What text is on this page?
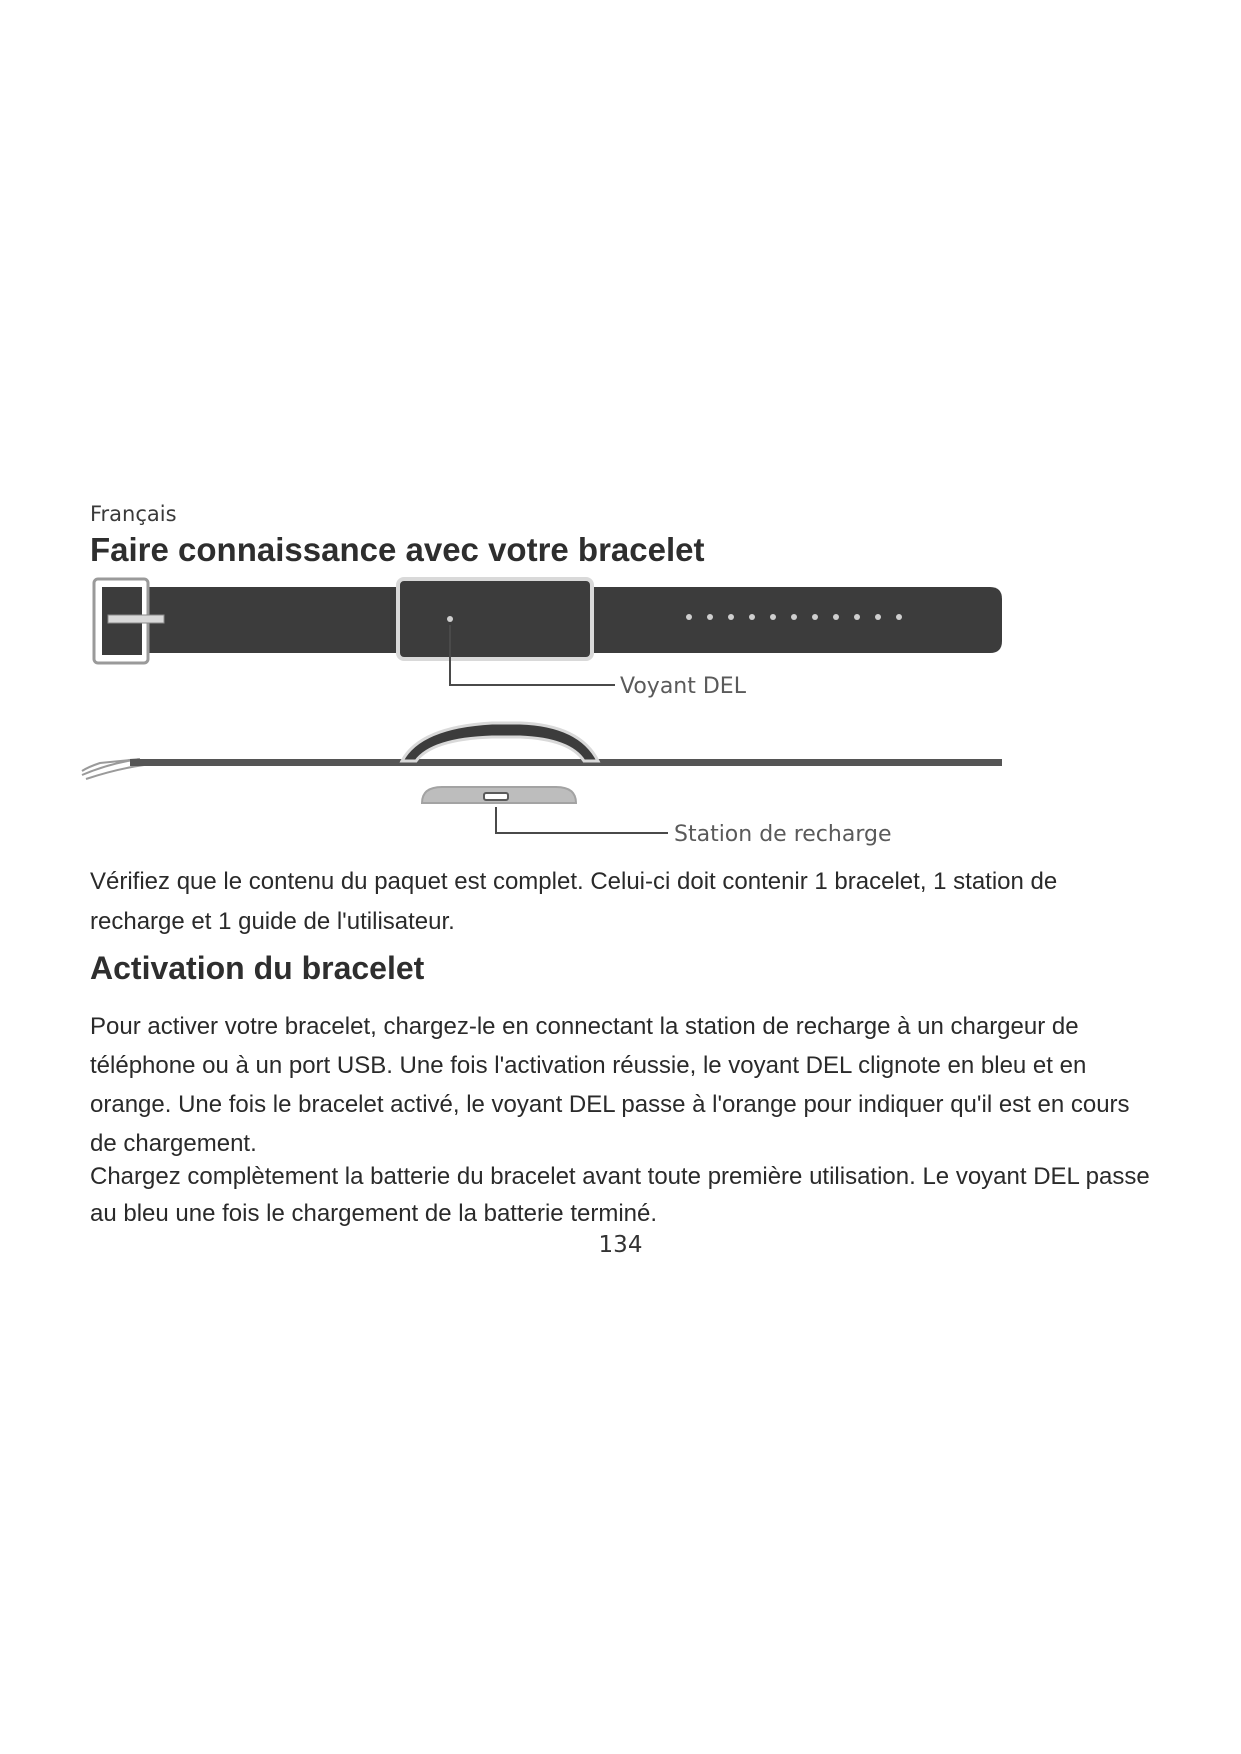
Français

Faire connaissance avec votre bracelet
Voyant DEL
Station de recharge

Vérifiez que le contenu du paquet est complet. Celui-ci doit contenir 1 bracelet, 1 station de recharge et 1 guide de l'utilisateur.

Activation du bracelet

Pour activer votre bracelet, chargez-le en connectant la station de recharge à un chargeur de téléphone ou à un port USB. Une fois l'activation réussie, le voyant DEL clignote en bleu et en orange. Une fois le bracelet activé, le voyant DEL passe à l'orange pour indiquer qu'il est en cours de chargement.

Chargez complètement la batterie du bracelet avant toute première utilisation. Le voyant DEL passe au bleu une fois le chargement de la batterie terminé.

134
